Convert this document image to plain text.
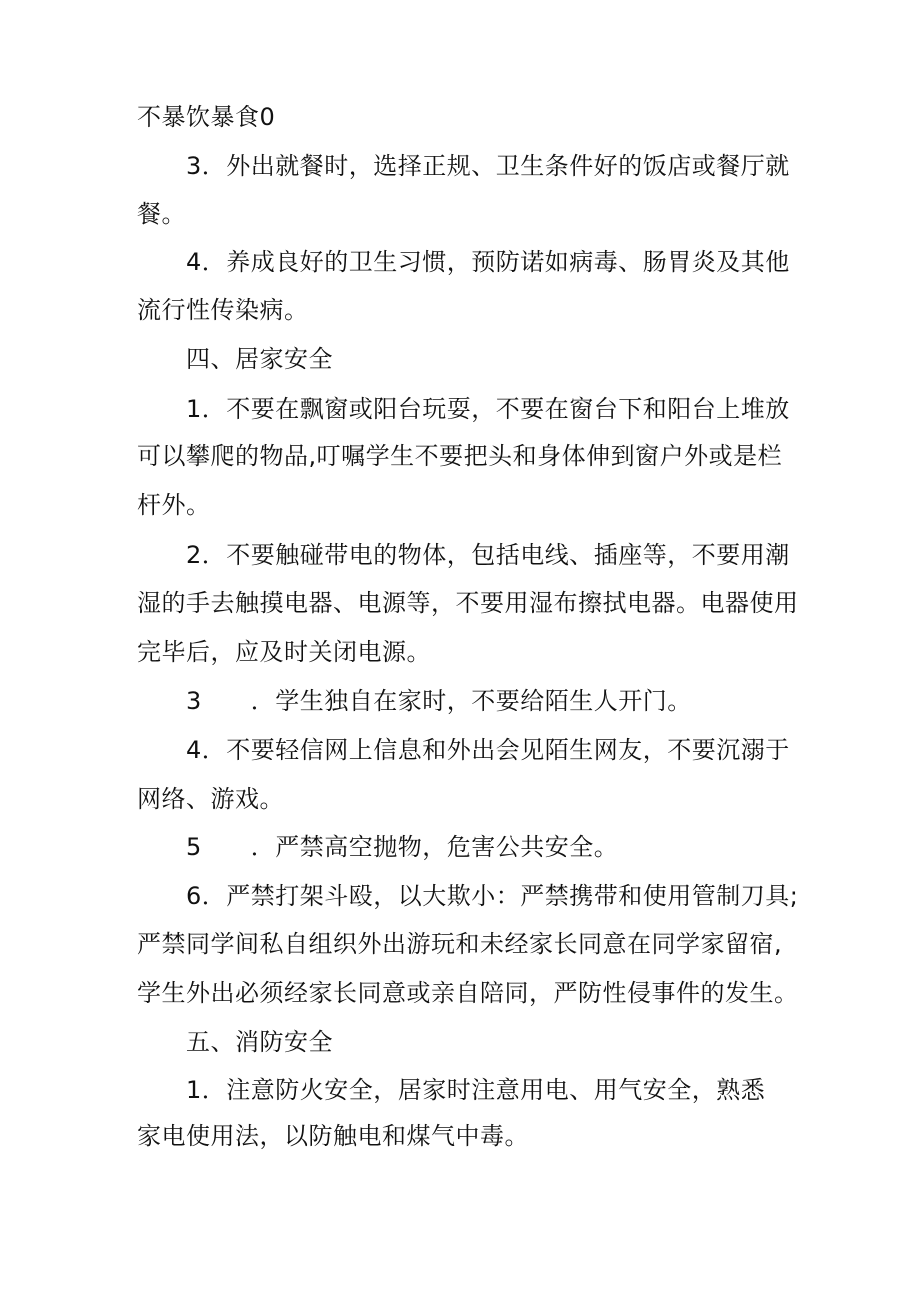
不暴饮暴食0
3．外出就餐时，选择正规、卫生条件好的饭店或餐厅就
餐。
4．养成良好的卫生习惯，预防诺如病毒、肠胃炎及其他
流行性传染病。
四、居家安全
1．不要在飘窗或阳台玩耍，不要在窗台下和阳台上堆放
可以攀爬的物品,叮嘱学生不要把头和身体伸到窗户外或是栏
杆外。
2．不要触碰带电的物体，包括电线、插座等，不要用潮
湿的手去触摸电器、电源等，不要用湿布擦拭电器。电器使用
完毕后，应及时关闭电源。
3　　．学生独自在家时，不要给陌生人开门。
4．不要轻信网上信息和外出会见陌生网友，不要沉溺于
网络、游戏。
5　　．严禁高空抛物，危害公共安全。
6．严禁打架斗殴，以大欺小：严禁携带和使用管制刀具;
严禁同学间私自组织外出游玩和未经家长同意在同学家留宿,
学生外出必须经家长同意或亲自陪同，严防性侵事件的发生。
五、消防安全
1．注意防火安全，居家时注意用电、用气安全，熟悉
家电使用法，以防触电和煤气中毒。
